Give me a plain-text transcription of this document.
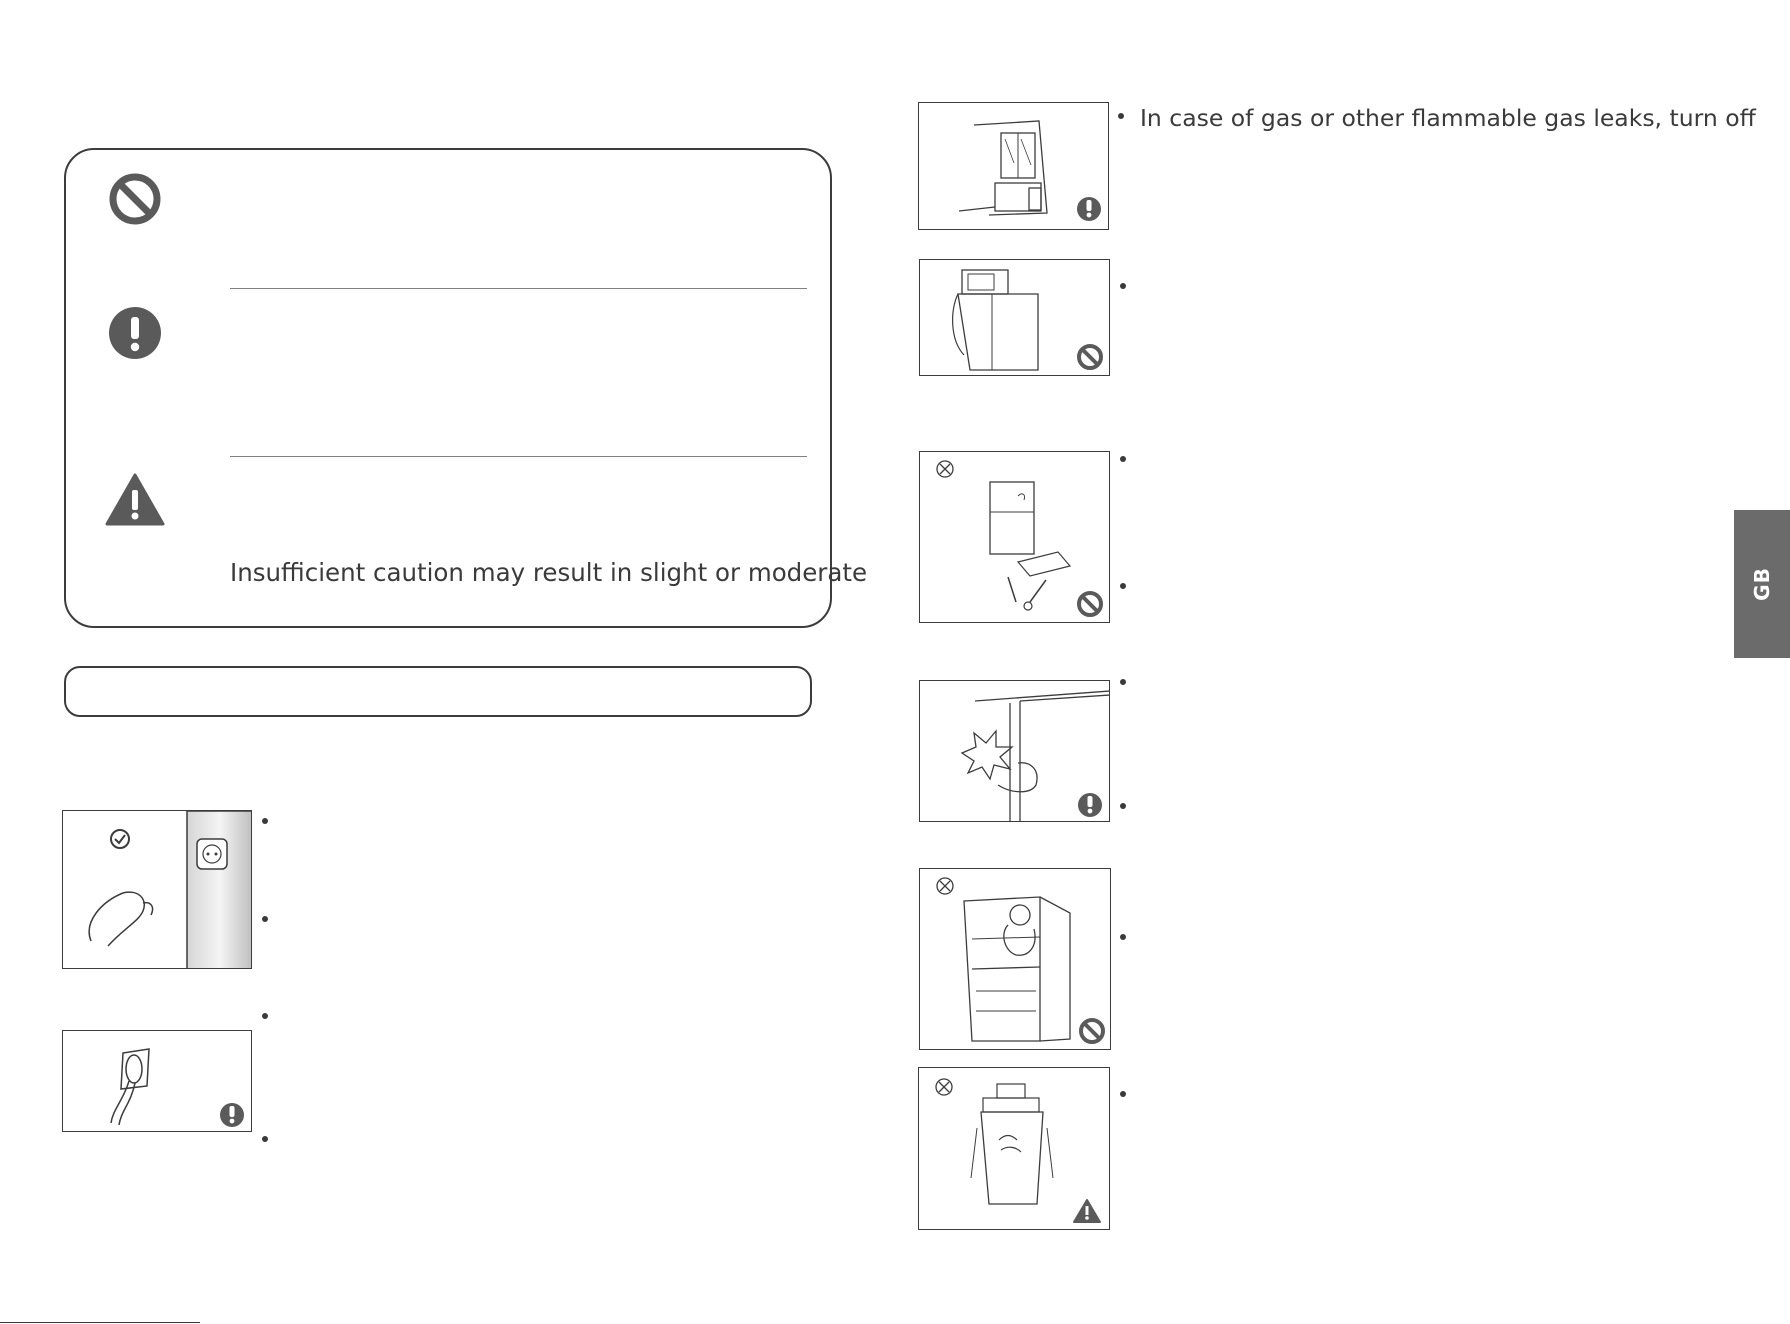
Insufficient caution may result in slight or moderate
In case of gas or other flammable gas leaks, turn off
GB
